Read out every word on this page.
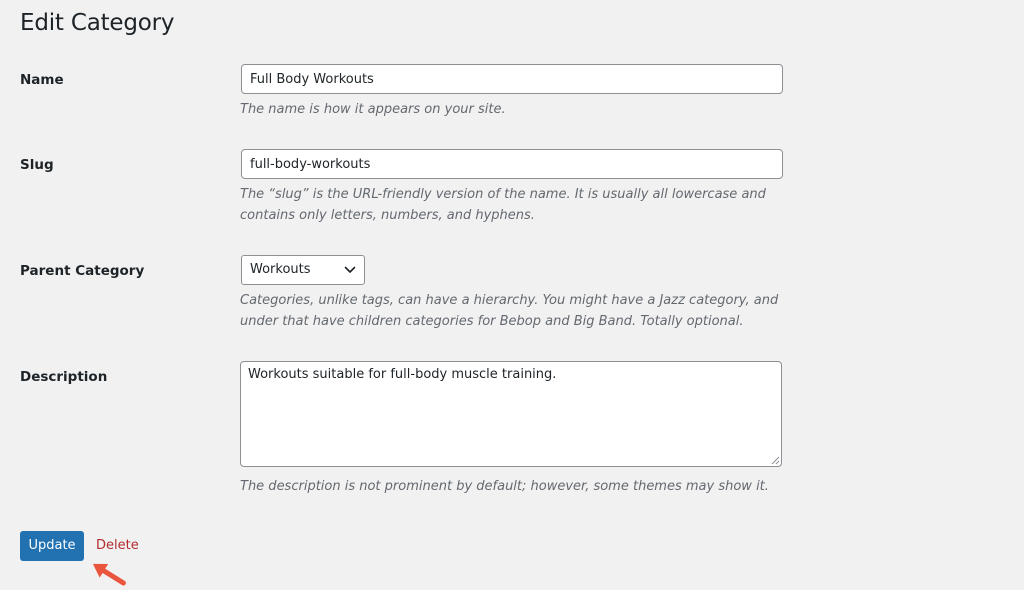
Edit Category
Name
Full Body Workouts
The name is how it appears on your site.
Slug
full-body-workouts
The “slug” is the URL-friendly version of the name. It is usually all lowercase and contains only letters, numbers, and hyphens.
Parent Category	Workouts
Categories, unlike tags, can have a hierarchy. You might have a Jazz category, and under that have children categories for Bebop and Big Band. Totally optional.
Description
Workouts suitable for full-body muscle training.
The description is not prominent by default; however, some themes may show it.
Update	Delete
